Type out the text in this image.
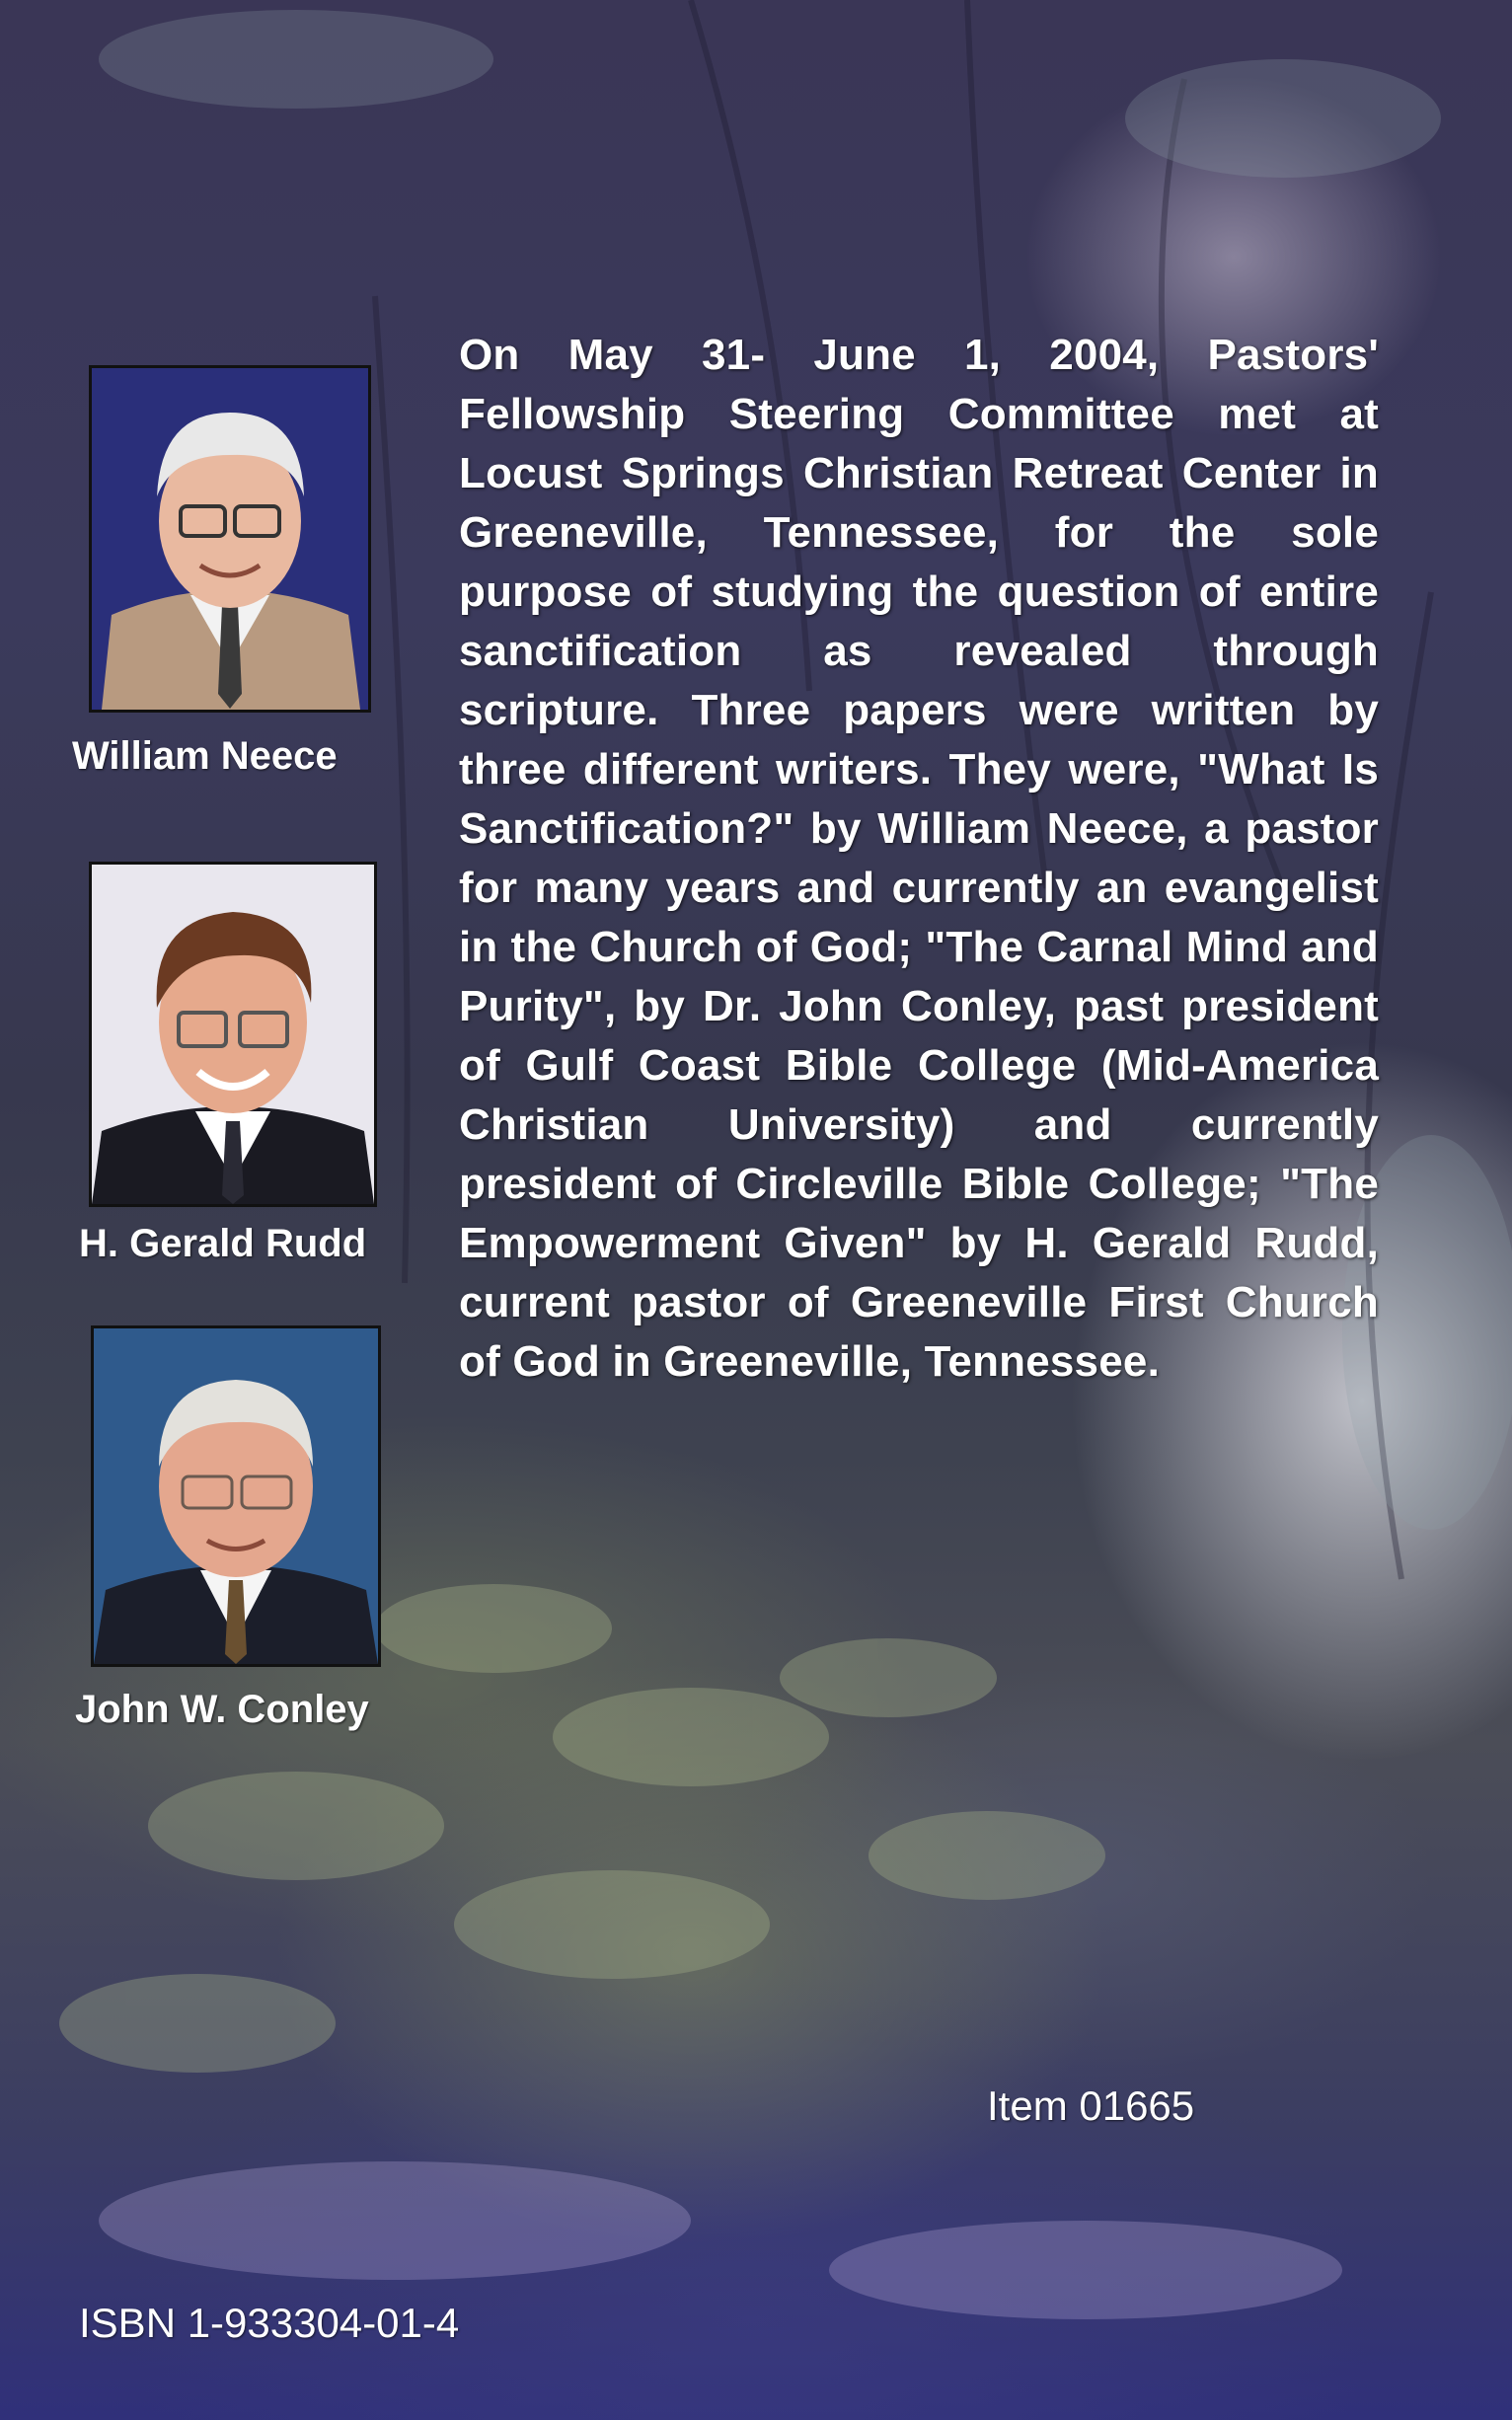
William Neece
H. Gerald Rudd
John W. Conley

On May 31- June 1, 2004, Pastors' Fellowship Steering Committee met at Locust Springs Christian Retreat Center in Greeneville, Tennessee, for the sole purpose of studying the question of entire sanctification as revealed through scripture. Three papers were written by three different writers. They were, "What Is Sanctification?" by William Neece, a pastor for many years and currently an evangelist in the Church of God; "The Carnal Mind and Purity", by Dr. John Conley, past president of Gulf Coast Bible College (Mid-America Christian University) and currently president of Circleville Bible College; "The Empowerment Given" by H. Gerald Rudd, current pastor of Greeneville First Church of God in Greeneville, Tennessee.

Item 01665
ISBN 1-933304-01-4
